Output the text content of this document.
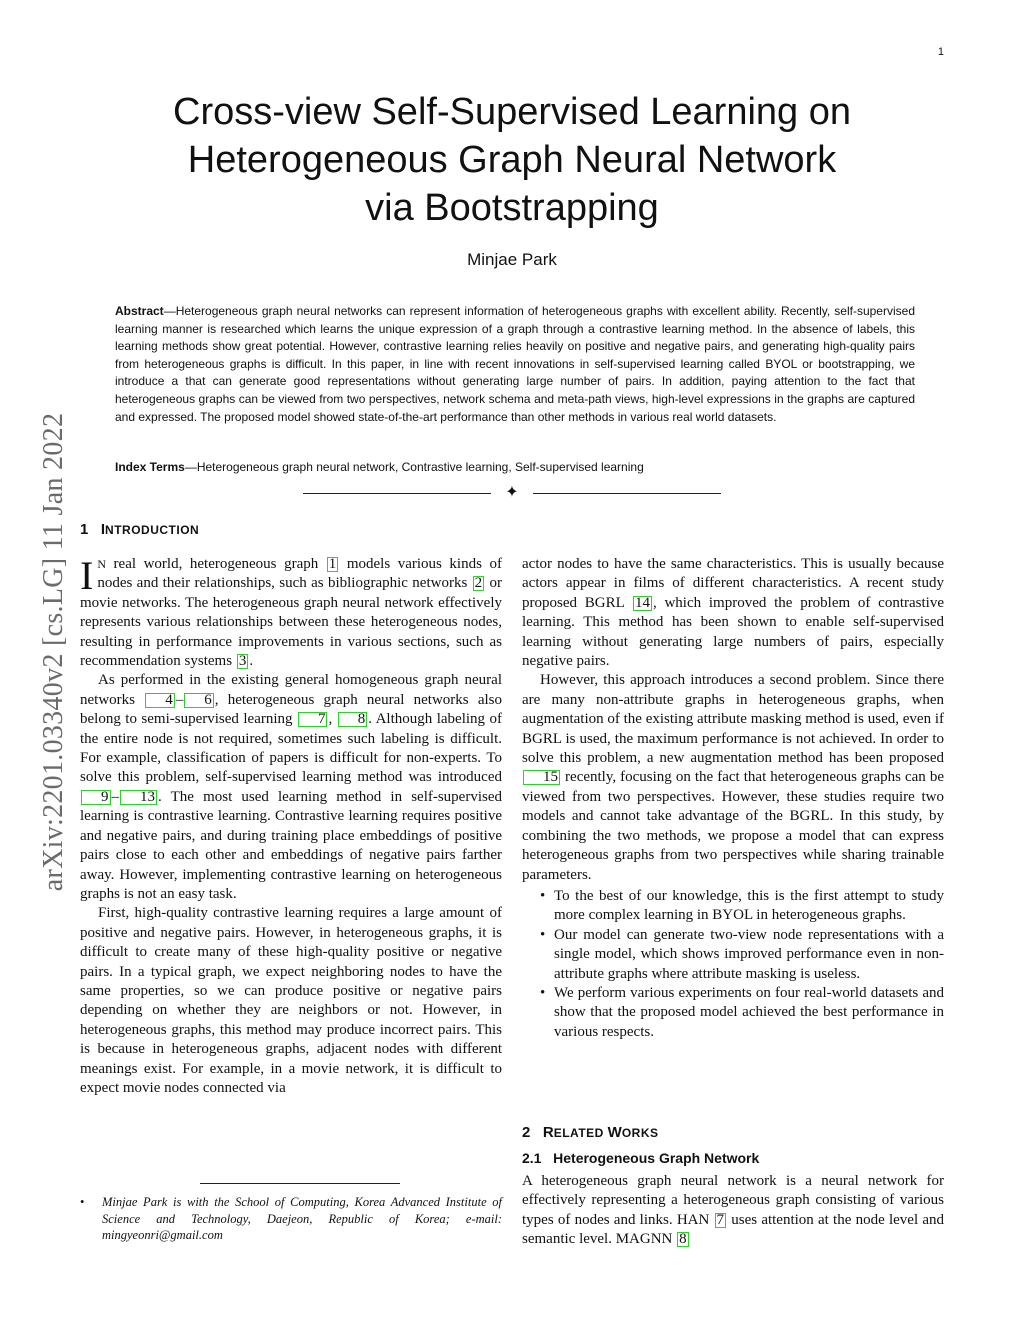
1
arXiv:2201.03340v2 [cs.LG] 11 Jan 2022
Cross-view Self-Supervised Learning on
Heterogeneous Graph Neural Network
via Bootstrapping
Minjae Park

Abstract—Heterogeneous graph neural networks can represent information of heterogeneous graphs with excellent ability. Recently, self-supervised learning manner is researched which learns the unique expression of a graph through a contrastive learning method. In the absence of labels, this learning methods show great potential. However, contrastive learning relies heavily on positive and negative pairs, and generating high-quality pairs from heterogeneous graphs is difficult. In this paper, in line with recent innovations in self-supervised learning called BYOL or bootstrapping, we introduce a that can generate good representations without generating large number of pairs. In addition, paying attention to the fact that heterogeneous graphs can be viewed from two perspectives, network schema and meta-path views, high-level expressions in the graphs are captured and expressed. The proposed model showed state-of-the-art performance than other methods in various real world datasets.

Index Terms—Heterogeneous graph neural network, Contrastive learning, Self-supervised learning

✦
1 INTRODUCTION

I N real world, heterogeneous graph 1 models various kinds of nodes and their relationships, such as bibliographic networks 2 or movie networks. The heterogeneous graph neural network effectively represents various relationships between these heterogeneous nodes, resulting in performance improvements in various sections, such as recommendation systems 3 .

As performed in the existing general homogeneous graph neural networks 4 – 6 , heterogeneous graph neural networks also belong to semi-supervised learning 7 , 8 . Although labeling of the entire node is not required, sometimes such labeling is difficult. For example, classification of papers is difficult for non-experts. To solve this problem, self-supervised learning method was introduced 9 – 13 . The most used learning method in self-supervised learning is contrastive learning. Contrastive learning requires positive and negative pairs, and during training place embeddings of positive pairs close to each other and embeddings of negative pairs farther away. However, implementing contrastive learning on heterogeneous graphs is not an easy task.

First, high-quality contrastive learning requires a large amount of positive and negative pairs. However, in heterogeneous graphs, it is difficult to create many of these high-quality positive or negative pairs. In a typical graph, we expect neighboring nodes to have the same properties, so we can produce positive or negative pairs depending on whether they are neighbors or not. However, in heterogeneous graphs, this method may produce incorrect pairs. This is because in heterogeneous graphs, adjacent nodes with different meanings exist. For example, in a movie network, it is difficult to expect movie nodes connected via

actor nodes to have the same characteristics. This is usually because actors appear in films of different characteristics. A recent study proposed BGRL 14 , which improved the problem of contrastive learning. This method has been shown to enable self-supervised learning without generating large numbers of pairs, especially negative pairs.

However, this approach introduces a second problem. Since there are many non-attribute graphs in heterogeneous graphs, when augmentation of the existing attribute masking method is used, even if BGRL is used, the maximum performance is not achieved. In order to solve this problem, a new augmentation method has been proposed 15 recently, focusing on the fact that heterogeneous graphs can be viewed from two perspectives. However, these studies require two models and cannot take advantage of the BGRL. In this study, by combining the two methods, we propose a model that can express heterogeneous graphs from two perspectives while sharing trainable parameters.

• To the best of our knowledge, this is the first attempt to study more complex learning in BYOL in heterogeneous graphs.
• Our model can generate two-view node representations with a single model, which shows improved performance even in non-attribute graphs where attribute masking is useless.
• We perform various experiments on four real-world datasets and show that the proposed model achieved the best performance in various respects.
2 RELATED WORKS
2.1 Heterogeneous Graph Network

A heterogeneous graph neural network is a neural network for effectively representing a heterogeneous graph consisting of various types of nodes and links. HAN 7 uses attention at the node level and semantic level. MAGNN 8

•	Minjae Park is with the School of Computing, Korea Advanced Institute of Science and Technology, Daejeon, Republic of Korea; e-mail: mingyeonri@gmail.com
